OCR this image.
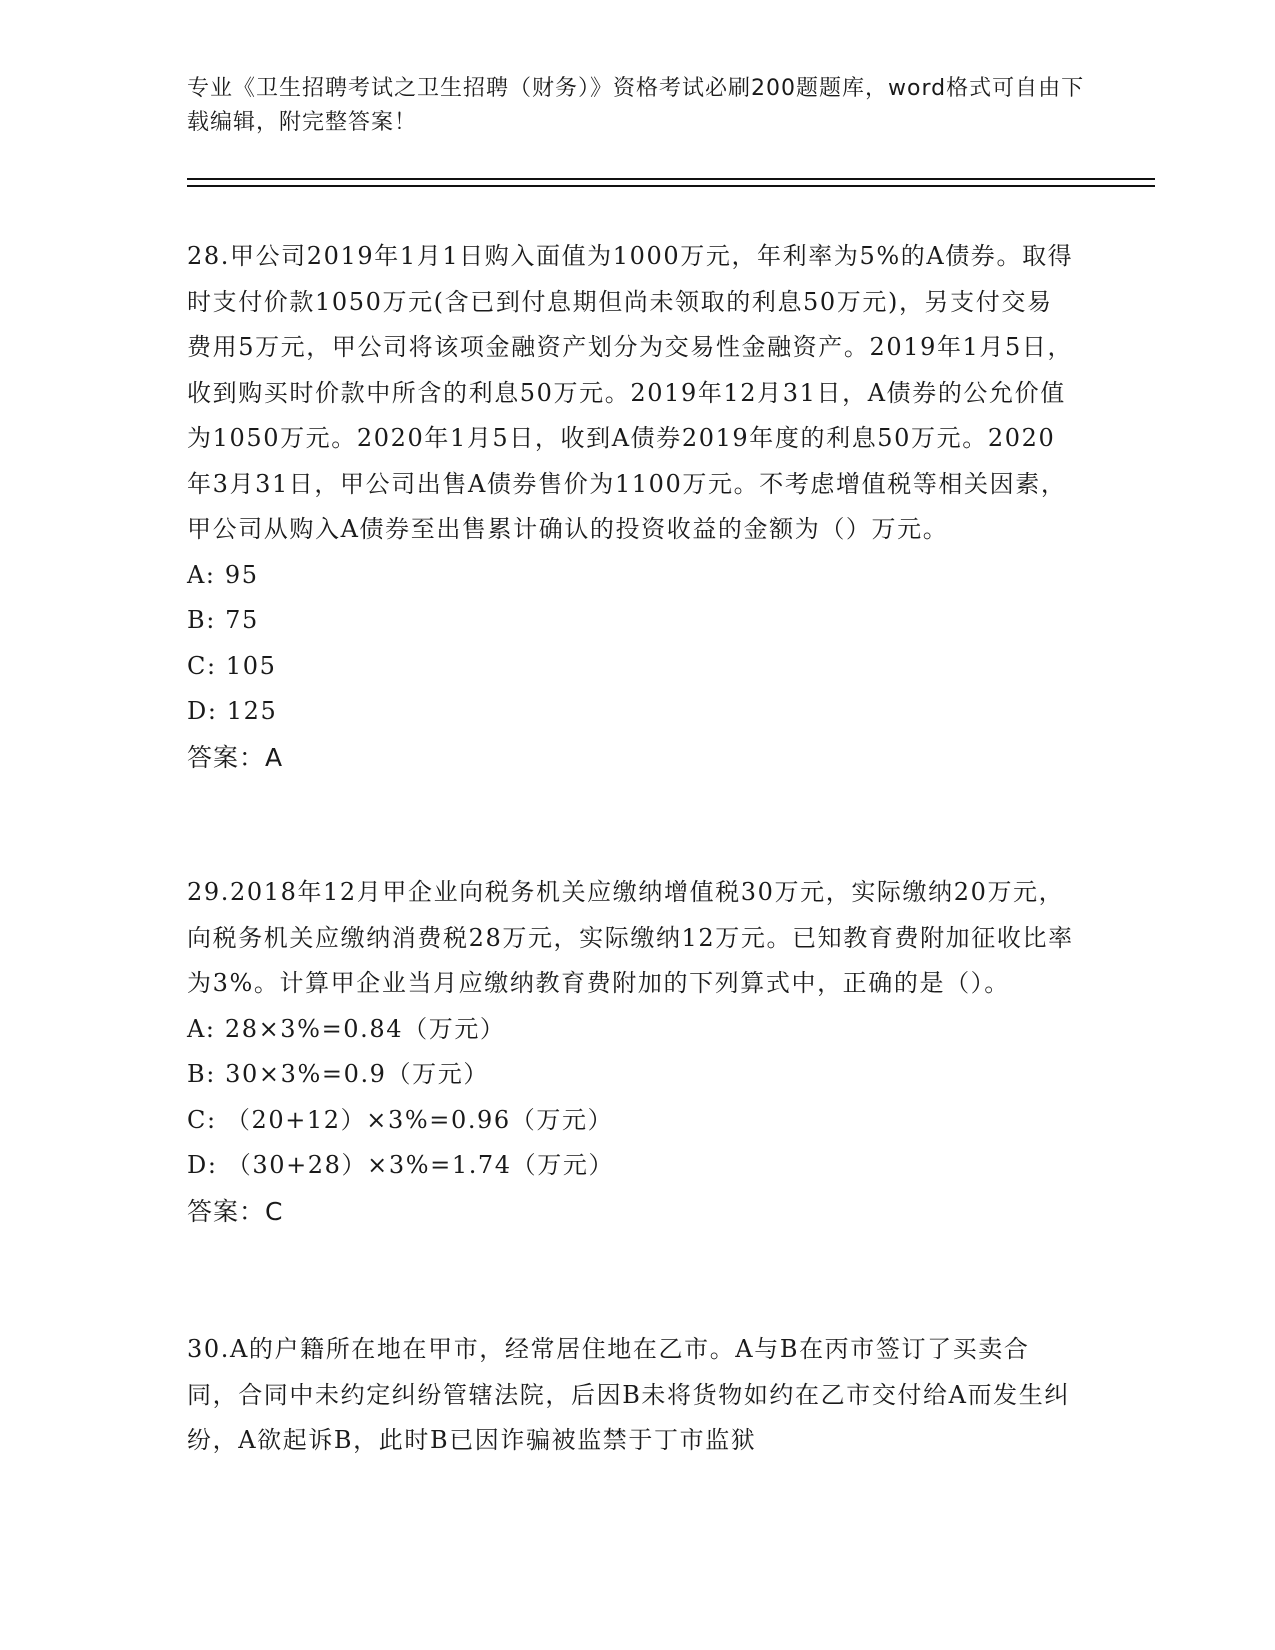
专业《卫生招聘考试之卫生招聘（财务）》资格考试必刷200题题库，word格式可自由下载编辑，附完整答案！
28.甲公司2019年1月1日购入面值为1000万元，年利率为5%的A债券。取得时支付价款1050万元(含已到付息期但尚未领取的利息50万元)，另支付交易费用5万元，甲公司将该项金融资产划分为交易性金融资产。2019年1月5日，收到购买时价款中所含的利息50万元。2019年12月31日，A债券的公允价值为1050万元。2020年1月5日，收到A债券2019年度的利息50万元。2020年3月31日，甲公司出售A债券售价为1100万元。不考虑增值税等相关因素，甲公司从购入A债券至出售累计确认的投资收益的金额为（）万元。
A: 95
B: 75
C: 105
D: 125
答案：A
29.2018年12月甲企业向税务机关应缴纳增值税30万元，实际缴纳20万元，向税务机关应缴纳消费税28万元，实际缴纳12万元。已知教育费附加征收比率为3%。计算甲企业当月应缴纳教育费附加的下列算式中，正确的是（）。
A: 28×3%=0.84（万元）
B: 30×3%=0.9（万元）
C: （20+12）×3%=0.96（万元）
D: （30+28）×3%=1.74（万元）
答案：C
30.A的户籍所在地在甲市，经常居住地在乙市。A与B在丙市签订了买卖合同，合同中未约定纠纷管辖法院，后因B未将货物如约在乙市交付给A而发生纠纷，A欲起诉B，此时B已因诈骗被监禁于丁市监狱
